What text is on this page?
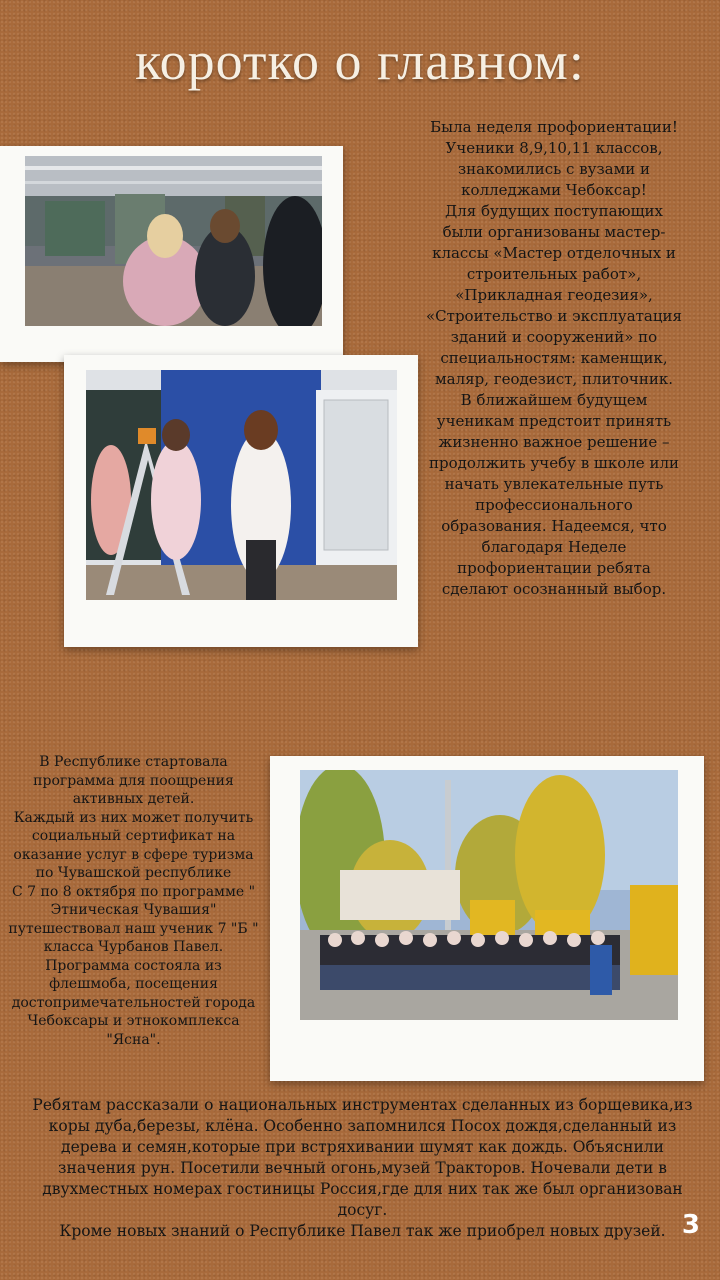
коротко о главном:

Была неделя профориентации! Ученики 8,9,10,11 классов, знакомились с вузами и колледжами Чебоксар!

Для будущих поступающих были организованы мастер-классы «Мастер отделочных и строительных работ», «Прикладная геодезия», «Строительство и эксплуатация зданий и сооружений» по специальностям: каменщик, маляр, геодезист, плиточник.

В ближайшем будущем ученикам предстоит принять жизненно важное решение – продолжить учебу в школе или начать увлекательные путь профессионального образования. Надеемся, что благодаря Неделе профориентации ребята сделают осознанный выбор.

В Республике стартовала программа для поощрения активных детей.

Каждый из них может получить социальный сертификат на оказание услуг в сфере туризма по Чувашской республике

С 7 по 8 октября по программе " Этническая Чувашия" путешествовал наш ученик 7 "Б " класса Чурбанов Павел. Программа состояла из флешмоба, посещения достопримечательностей города Чебоксары и этнокомплекса "Ясна".

Ребятам рассказали о национальных инструментах сделанных из борщевика,из коры дуба,березы, клёна. Особенно запомнился Посох дождя,сделанный из дерева и семян,которые при встряхивании шумят как дождь. Объяснили значения рун. Посетили вечный огонь,музей Тракторов. Ночевали дети в двухместных номерах гостиницы Россия,где для них так же был организован досуг.

Кроме новых знаний о Республике Павел так же приобрел новых друзей. 3
